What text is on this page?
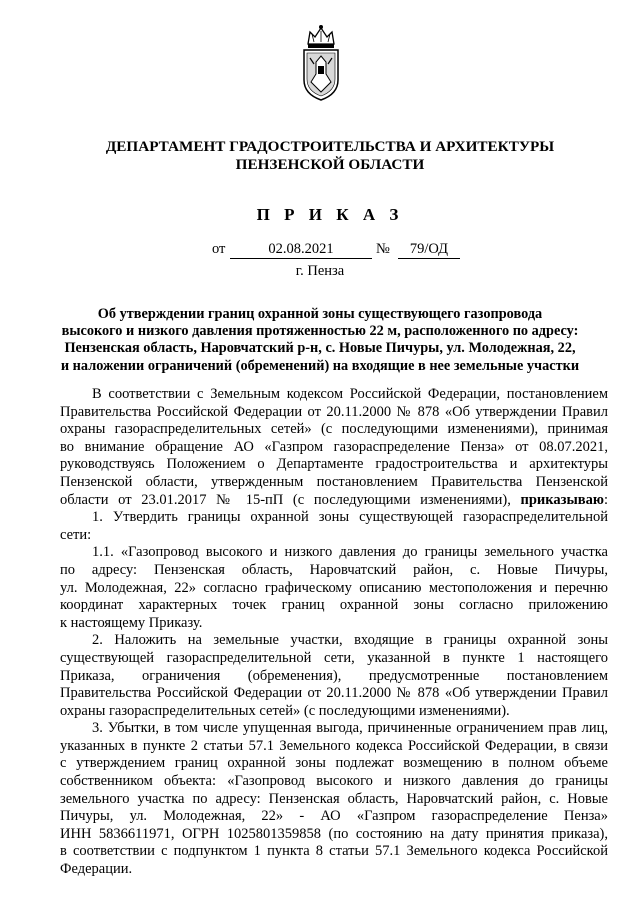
ДЕПАРТАМЕНТ ГРАДОСТРОИТЕЛЬСТВА И АРХИТЕКТУРЫ
ПЕНЗЕНСКОЙ ОБЛАСТИ
П Р И К А З
от	02.08.2021	№	79/ОД
г. Пенза
Об утверждении границ охранной зоны существующего газопровода
высокого и низкого давления протяженностью 22 м, расположенного по адресу:
Пензенская область, Наровчатский р-н, с. Новые Пичуры, ул. Молодежная, 22,
и наложении ограничений (обременений) на входящие в нее земельные участки
В соответствии с Земельным кодексом Российской Федерации, постановлением
Правительства Российской Федерации от 20.11.2000 № 878 «Об утверждении Правил
охраны газораспределительных сетей» (с последующими изменениями), принимая
во внимание обращение АО «Газпром газораспределение Пенза» от 08.07.2021,
руководствуясь Положением о Департаменте градостроительства и архитектуры
Пензенской области, утвержденным постановлением Правительства Пензенской
области от 23.01.2017 № 15-пП (с последующими изменениями), приказываю:
1. Утвердить границы охранной зоны существующей газораспределительной
сети:
1.1. «Газопровод высокого и низкого давления до границы земельного участка
по адресу: Пензенская область, Наровчатский район, с. Новые Пичуры,
ул. Молодежная, 22» согласно графическому описанию местоположения и перечню
координат характерных точек границ охранной зоны согласно приложению
к настоящему Приказу.
2. Наложить на земельные участки, входящие в границы охранной зоны
существующей газораспределительной сети, указанной в пункте 1 настоящего
Приказа, ограничения (обременения), предусмотренные постановлением
Правительства Российской Федерации от 20.11.2000 № 878 «Об утверждении Правил
охраны газораспределительных сетей» (с последующими изменениями).
3. Убытки, в том числе упущенная выгода, причиненные ограничением прав лиц,
указанных в пункте 2 статьи 57.1 Земельного кодекса Российской Федерации, в связи
с утверждением границ охранной зоны подлежат возмещению в полном объеме
собственником объекта: «Газопровод высокого и низкого давления до границы
земельного участка по адресу: Пензенская область, Наровчатский район, с. Новые
Пичуры, ул. Молодежная, 22» - АО «Газпром газораспределение Пенза»
ИНН 5836611971, ОГРН 1025801359858 (по состоянию на дату принятия приказа),
в соответствии с подпунктом 1 пункта 8 статьи 57.1 Земельного кодекса Российской
Федерации.
